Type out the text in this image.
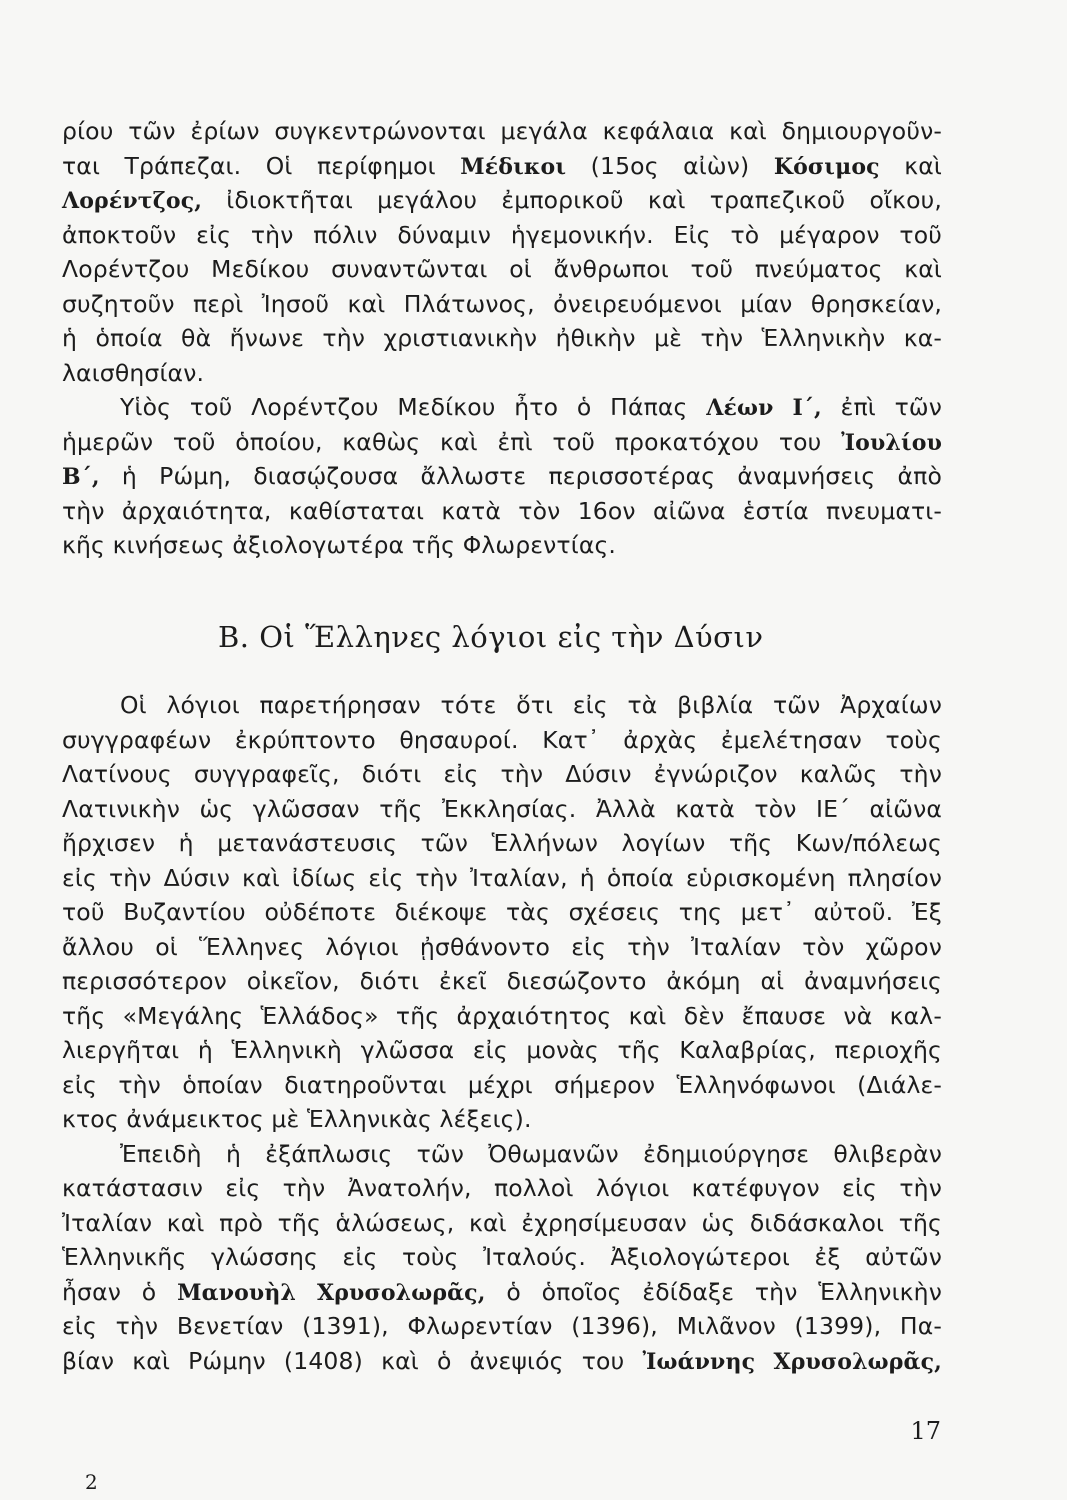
ρίου τῶν ἐρίων συγκεντρώνονται μεγάλα κεφάλαια καὶ δημιουργοῦν-
ται Τράπεζαι. Οἱ περίφημοι Μέδικοι (15ος αἰὼν) Κόσιμος καὶ
Λορέντζος, ἰδιοκτῆται μεγάλου ἐμπορικοῦ καὶ τραπεζικοῦ οἴκου,
ἀποκτοῦν εἰς τὴν πόλιν δύναμιν ἡγεμονικήν. Εἰς τὸ μέγαρον τοῦ
Λορέντζου Μεδίκου συναντῶνται οἱ ἄνθρωποι τοῦ πνεύματος καὶ
συζητοῦν περὶ Ἰησοῦ καὶ Πλάτωνος, ὀνειρευόμενοι μίαν θρησκείαν,
ἡ ὁποία θὰ ἥνωνε τὴν χριστιανικὴν ἠθικὴν μὲ τὴν Ἑλληνικὴν κα-
λαισθησίαν.
Υἱὸς τοῦ Λορέντζου Μεδίκου ἦτο ὁ Πάπας Λέων Ι΄, ἐπὶ τῶν
ἡμερῶν τοῦ ὁποίου, καθὼς καὶ ἐπὶ τοῦ προκατόχου του Ἰουλίου
Β΄, ἡ Ρώμη, διασῴζουσα ἄλλωστε περισσοτέρας ἀναμνήσεις ἀπὸ
τὴν ἀρχαιότητα, καθίσταται κατὰ τὸν 16ον αἰῶνα ἑστία πνευματι-
κῆς κινήσεως ἀξιολογωτέρα τῆς Φλωρεντίας.
Β. Οἱ Ἕλληνες λόγιοι εἰς τὴν Δύσιν
Οἱ λόγιοι παρετήρησαν τότε ὅτι εἰς τὰ βιβλία τῶν Ἀρχαίων
συγγραφέων ἐκρύπτοντο θησαυροί. Κατ᾿ ἀρχὰς ἐμελέτησαν τοὺς
Λατίνους συγγραφεῖς, διότι εἰς τὴν Δύσιν ἐγνώριζον καλῶς τὴν
Λατινικὴν ὡς γλῶσσαν τῆς Ἐκκλησίας. Ἀλλὰ κατὰ τὸν ΙΕ΄ αἰῶνα
ἤρχισεν ἡ μετανάστευσις τῶν Ἑλλήνων λογίων τῆς Κων/πόλεως
εἰς τὴν Δύσιν καὶ ἰδίως εἰς τὴν Ἰταλίαν, ἡ ὁποία εὑρισκομένη πλησίον
τοῦ Βυζαντίου οὐδέποτε διέκοψε τὰς σχέσεις της μετ᾿ αὐτοῦ. Ἐξ
ἄλλου οἱ Ἕλληνες λόγιοι ᾐσθάνοντο εἰς τὴν Ἰταλίαν τὸν χῶρον
περισσότερον οἰκεῖον, διότι ἐκεῖ διεσώζοντο ἀκόμη αἱ ἀναμνήσεις
τῆς «Μεγάλης Ἑλλάδος» τῆς ἀρχαιότητος καὶ δὲν ἔπαυσε νὰ καλ-
λιεργῆται ἡ Ἑλληνικὴ γλῶσσα εἰς μονὰς τῆς Καλαβρίας, περιοχῆς
εἰς τὴν ὁποίαν διατηροῦνται μέχρι σήμερον Ἑλληνόφωνοι (Διάλε-
κτος ἀνάμεικτος μὲ Ἑλληνικὰς λέξεις).
Ἐπειδὴ ἡ ἐξάπλωσις τῶν Ὀθωμανῶν ἐδημιούργησε θλιβερὰν
κατάστασιν εἰς τὴν Ἀνατολήν, πολλοὶ λόγιοι κατέφυγον εἰς τὴν
Ἰταλίαν καὶ πρὸ τῆς ἁλώσεως, καὶ ἐχρησίμευσαν ὡς διδάσκαλοι τῆς
Ἑλληνικῆς γλώσσης εἰς τοὺς Ἰταλούς. Ἀξιολογώτεροι ἐξ αὐτῶν
ἦσαν ὁ Μανουὴλ Χρυσολωρᾶς, ὁ ὁποῖος ἐδίδαξε τὴν Ἑλληνικὴν
εἰς τὴν Βενετίαν (1391), Φλωρεντίαν (1396), Μιλᾶνον (1399), Πα-
βίαν καὶ Ρώμην (1408) καὶ ὁ ἀνεψιός του Ἰωάννης Χρυσολωρᾶς,
17
2
